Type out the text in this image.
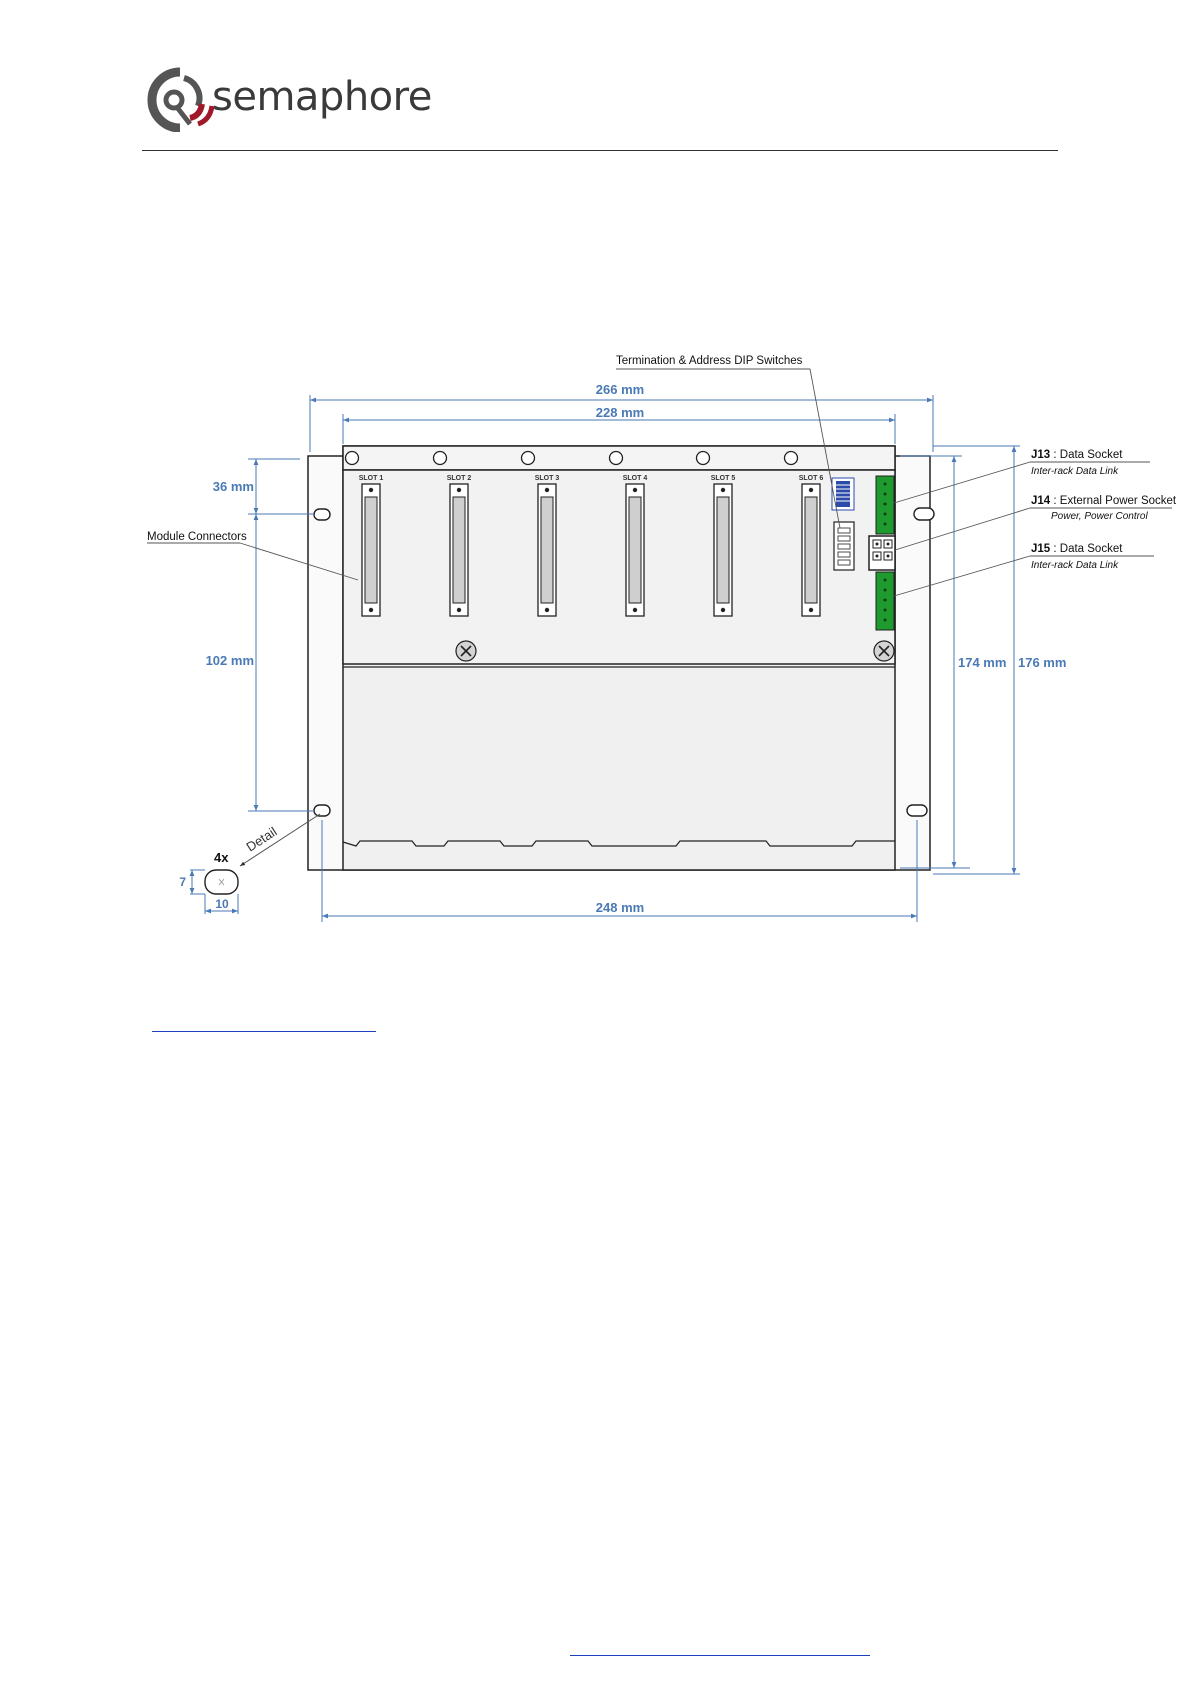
semaphore
SLOT 1	SLOT 2	SLOT 3	SLOT 4	SLOT 5	SLOT 6
266 mm
228 mm
248 mm
36 mm
102 mm	174 mm 176 mm
Detail
4x
7
10
Termination & Address DIP Switches
Module Connectors
J13 : Data Socket
Inter-rack Data Link
J14 : External Power Socket
Power, Power Control
J15 : Data Socket
Inter-rack Data Link
